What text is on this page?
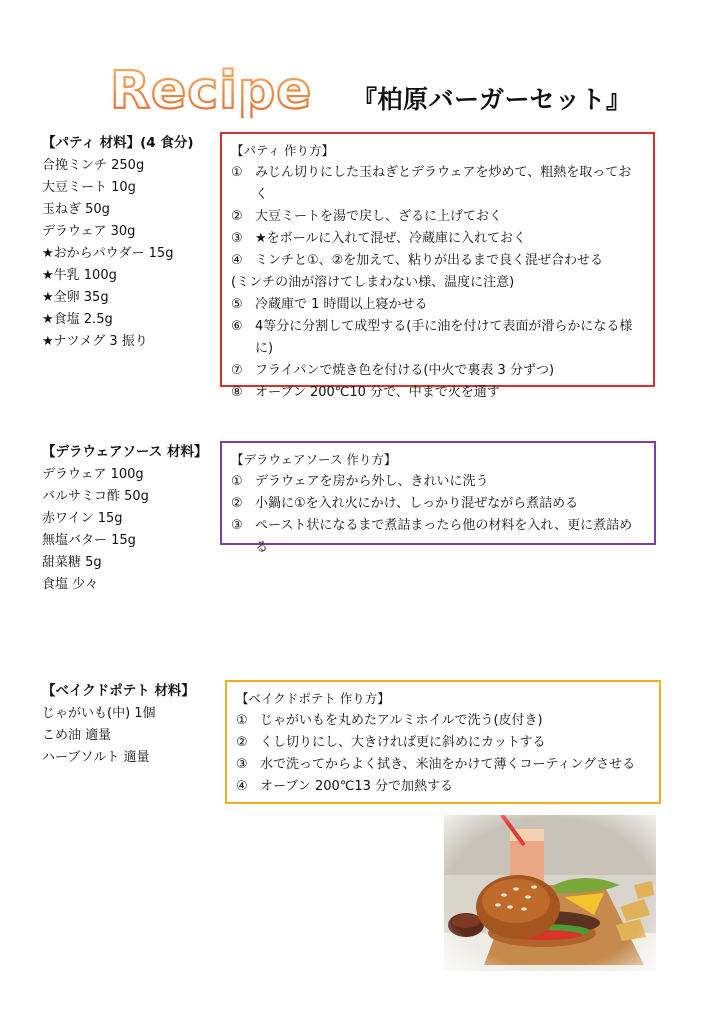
Recipe 『柏原バーガーセット』
【パティ 材料】(4 食分)
合挽ミンチ 250g
大豆ミート 10g
玉ねぎ 50g
デラウェア 30g
★おからパウダー 15g
★牛乳 100g
★全卵 35g
★食塩 2.5g
★ナツメグ 3 振り
【パティ 作り方】
① みじん切りにした玉ねぎとデラウェアを炒めて、粗熱を取っておく
② 大豆ミートを湯で戻し、ざるに上げておく
③ ★をボールに入れて混ぜ、冷蔵庫に入れておく
④ ミンチと①、②を加えて、粘りが出るまで良く混ぜ合わせる
(ミンチの油が溶けてしまわない様、温度に注意)
⑤ 冷蔵庫で 1 時間以上寝かせる
⑥ 4等分に分割して成型する(手に油を付けて表面が滑らかになる様に)
⑦ フライパンで焼き色を付ける(中火で裏表 3 分ずつ)
⑧ オーブン 200℃10 分で、中まで火を通す
【デラウェアソース 材料】
デラウェア 100g
バルサミコ酢 50g
赤ワイン 15g
無塩バター 15g
甜菜糖 5g
食塩 少々
【デラウェアソース 作り方】
① デラウェアを房から外し、きれいに洗う
② 小鍋に①を入れ火にかけ、しっかり混ぜながら煮詰める
③ ペースト状になるまで煮詰まったら他の材料を入れ、更に煮詰める
【ベイクドポテト 材料】
じゃがいも(中) 1個
こめ油 適量
ハーブソルト 適量
【ベイクドポテト 作り方】
① じゃがいもを丸めたアルミホイルで洗う(皮付き)
② くし切りにし、大きければ更に斜めにカットする
③ 水で洗ってからよく拭き、米油をかけて薄くコーティングさせる
④ オーブン 200℃13 分で加熱する
